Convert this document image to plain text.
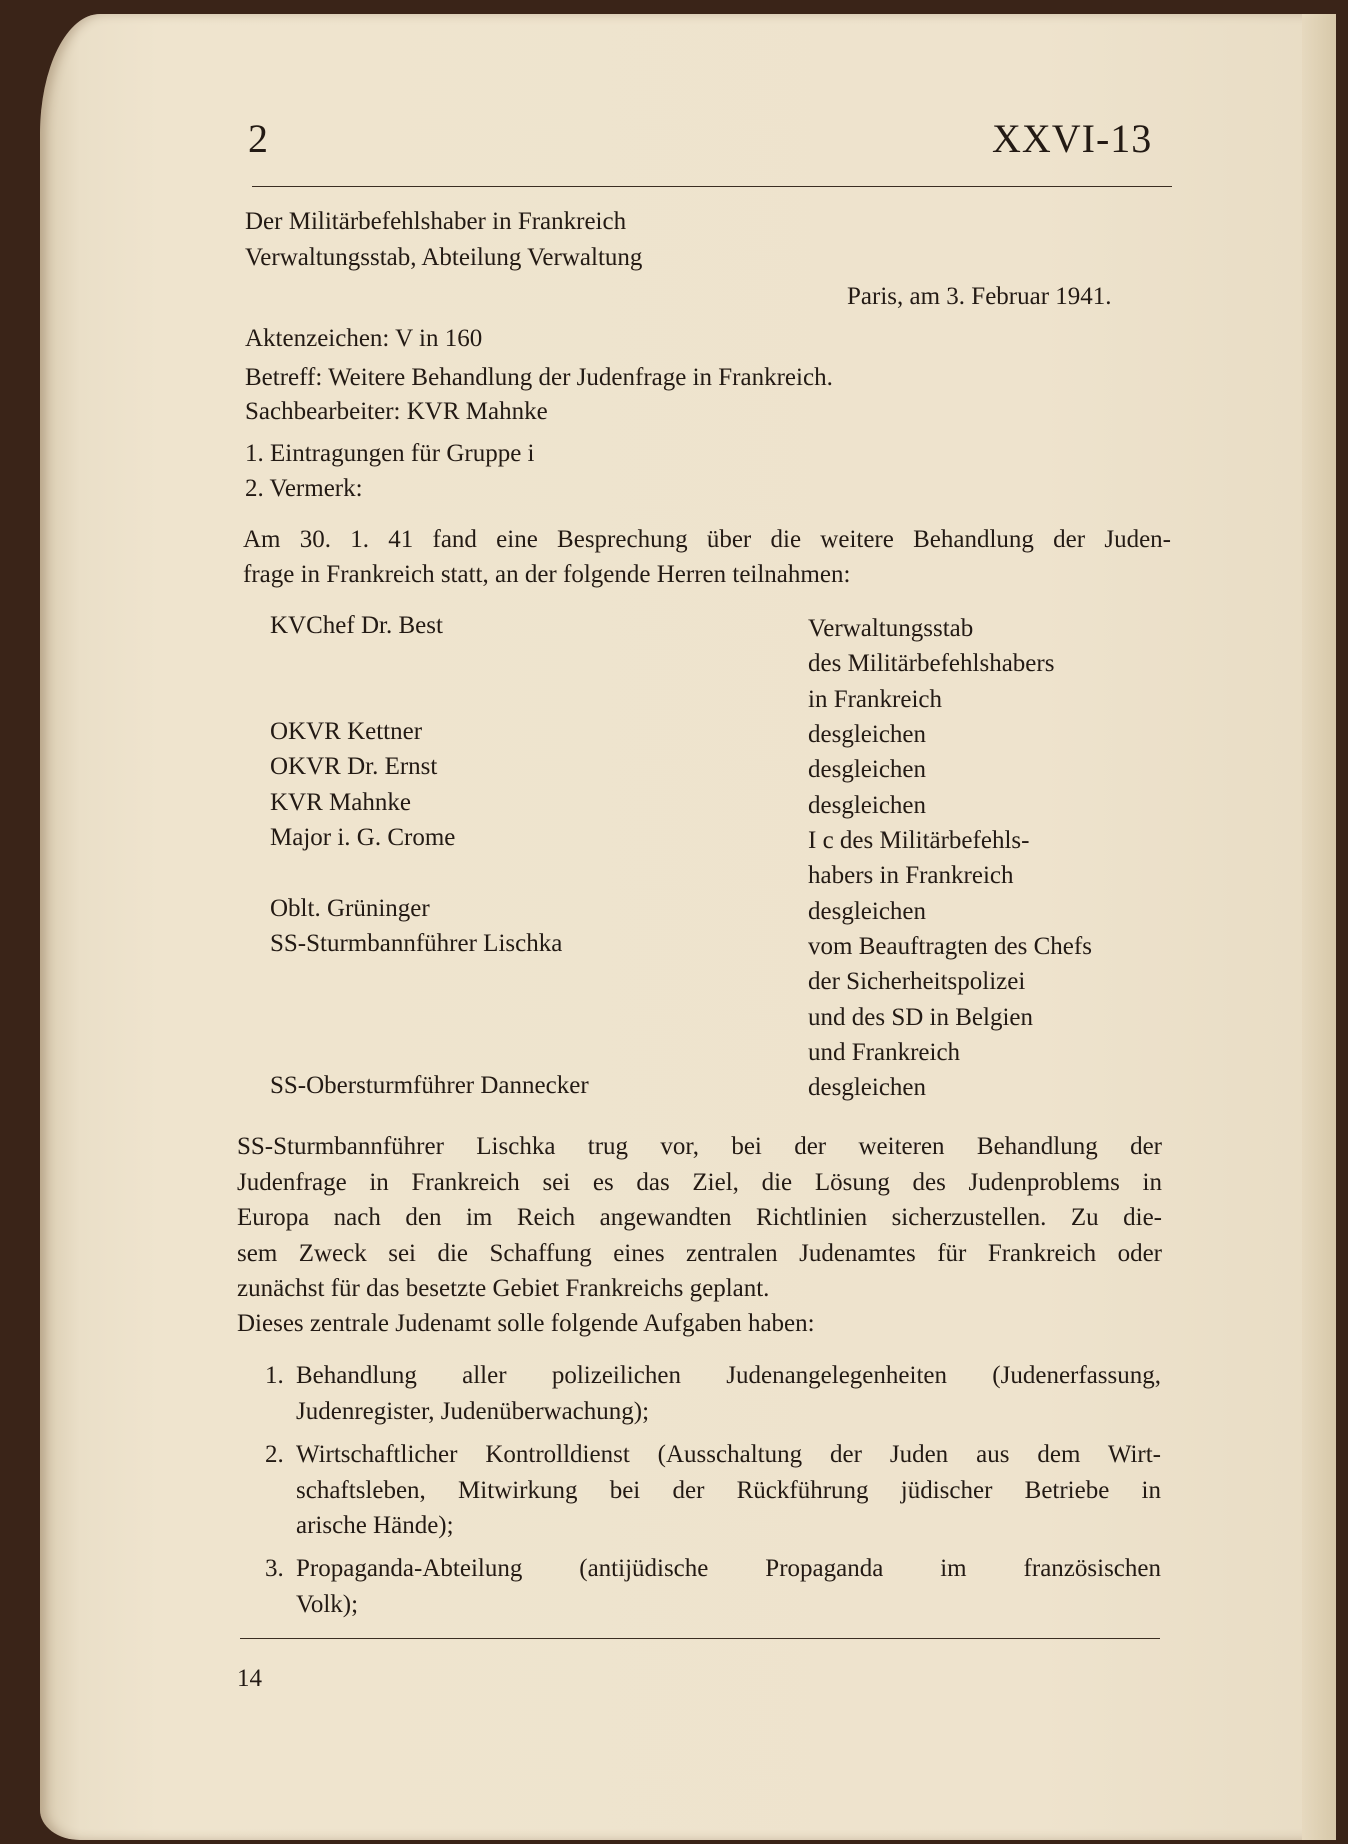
2	XXVI-13
Der Militärbefehlshaber in Frankreich
Verwaltungsstab, Abteilung Verwaltung
Paris, am 3. Februar 1941.
Aktenzeichen: V in 160
Betreff: Weitere Behandlung der Judenfrage in Frankreich.
Sachbearbeiter: KVR Mahnke
1. Eintragungen für Gruppe i
2. Vermerk:
Am 30. 1. 41 fand eine Besprechung über die weitere Behandlung der Juden-
frage in Frankreich statt, an der folgende Herren teilnahmen:
KVChef Dr. Best
OKVR Kettner
OKVR Dr. Ernst
KVR Mahnke
Major i. G. Crome
Oblt. Grüninger
SS-Sturmbannführer Lischka
SS-Obersturmführer Dannecker
Verwaltungsstab
des Militärbefehlshabers
in Frankreich
desgleichen
desgleichen
desgleichen
I c des Militärbefehls-
habers in Frankreich
desgleichen
vom Beauftragten des Chefs
der Sicherheitspolizei
und des SD in Belgien
und Frankreich
desgleichen
SS-Sturmbannführer Lischka trug vor, bei der weiteren Behandlung der
Judenfrage in Frankreich sei es das Ziel, die Lösung des Judenproblems in
Europa nach den im Reich angewandten Richtlinien sicherzustellen. Zu die-
sem Zweck sei die Schaffung eines zentralen Judenamtes für Frankreich oder
zunächst für das besetzte Gebiet Frankreichs geplant.
Dieses zentrale Judenamt solle folgende Aufgaben haben:
1. Behandlung aller polizeilichen Judenangelegenheiten (Judenerfassung,
Judenregister, Judenüberwachung);
2. Wirtschaftlicher Kontrolldienst (Ausschaltung der Juden aus dem Wirt-
schaftsleben, Mitwirkung bei der Rückführung jüdischer Betriebe in
arische Hände);
3. Propaganda-Abteilung (antijüdische Propaganda im französischen
Volk);
14
